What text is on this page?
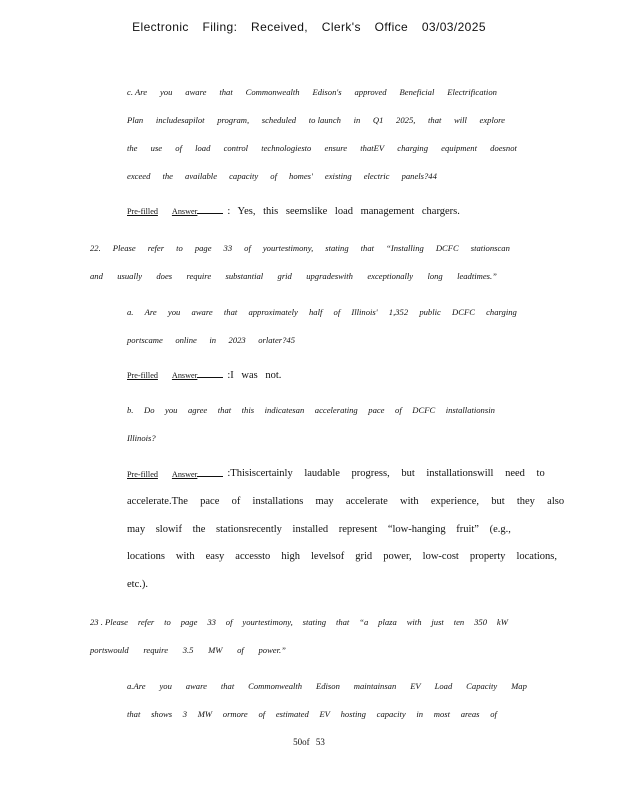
Electronic Filing: Received, Clerk's Office 03/03/2025
c. Are you aware that Commonwealth Edison's approved Beneficial Electrification
Plan includesapilot program, scheduled to launch in Q1 2025, that will explore
the use of load control technologiesto ensure thatEV charging equipment doesnot
exceed the available capacity of homes' existing electric panels?44
Pre-filled Answer	: Yes, this seemslike load management chargers.
22. Please refer to page 33 of yourtestimony, stating that “Installing DCFC stationscan
and usually does require substantial grid upgradeswith exceptionally long leadtimes.”
a. Are you aware that approximately half of Illinois' 1,352 public DCFC charging
portscame online in 2023 orlater?45
Pre-filled Answer	:I was not.
b. Do you agree that this indicatesan accelerating pace of DCFC installationsin
Illinois?
Pre-filled Answer	:Thisiscertainly laudable progress, but installationswill need to
accelerate.The pace of installations may accelerate with experience, but they also
may slowif the stationsrecently installed represent “low-hanging fruit” (e.g.,
locations with easy accessto high levelsof grid power, low-cost property locations,
etc.).
23 . Please refer to page 33 of yourtestimony, stating that “a plaza with just ten 350 kW
portswould require 3.5 MW of power.”
a.Are you aware that Commonwealth Edison maintainsan EV Load Capacity Map
that shows 3 MW ormore of estimated EV hosting capacity in most areas of
50of 53
